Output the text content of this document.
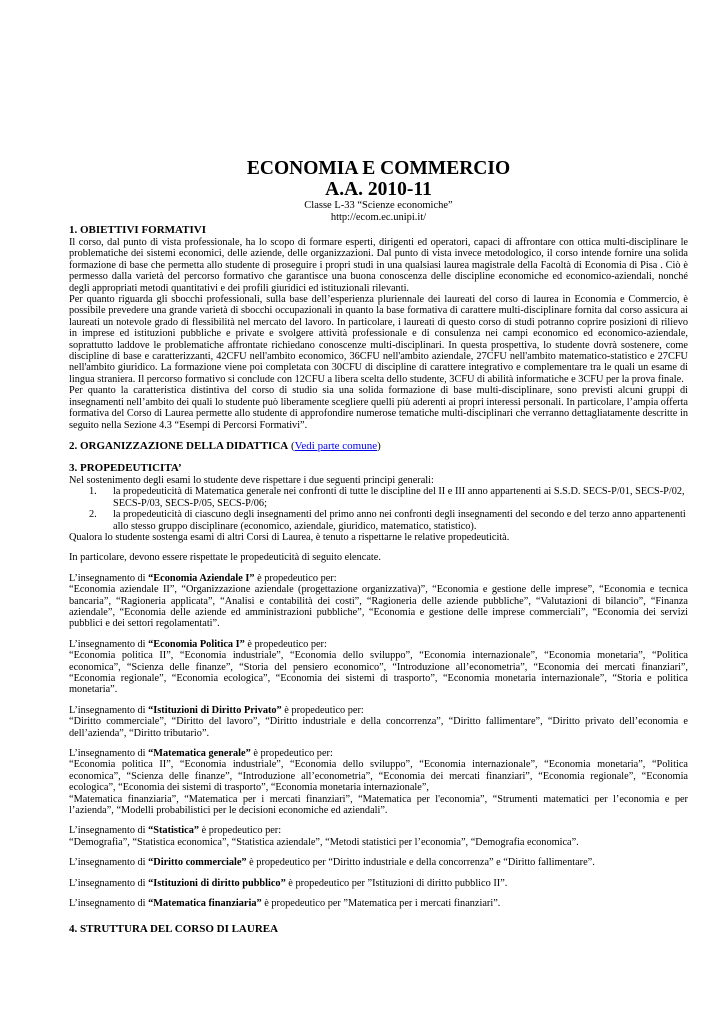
ECONOMIA E COMMERCIO
A.A. 2010-11
Classe L-33 “Scienze economiche”
http://ecom.ec.unipi.it/
1. OBIETTIVI FORMATIVI

Il corso, dal punto di vista professionale, ha lo scopo di formare esperti, dirigenti ed operatori, capaci di affrontare con ottica multi-disciplinare le problematiche dei sistemi economici, delle aziende, delle organizzazioni. Dal punto di vista invece metodologico, il corso intende fornire una solida formazione di base che permetta allo studente di proseguire i propri studi in una qualsiasi laurea magistrale della Facoltà di Economia di Pisa . Ciò è permesso dalla varietà del percorso formativo che garantisce una buona conoscenza delle discipline economiche ed economico-aziendali, nonché degli appropriati metodi quantitativi e dei profili giuridici ed istituzionali rilevanti.

Per quanto riguarda gli sbocchi professionali, sulla base dell’esperienza pluriennale dei laureati del corso di laurea in Economia e Commercio, è possibile prevedere una grande varietà di sbocchi occupazionali in quanto la base formativa di carattere multi-disciplinare fornita dal corso assicura ai laureati un notevole grado di flessibilità nel mercato del lavoro. In particolare, i laureati di questo corso di studi potranno coprire posizioni di rilievo in imprese ed istituzioni pubbliche e private e svolgere attività professionale e di consulenza nei campi economico ed economico-aziendale, soprattutto laddove le problematiche affrontate richiedano conoscenze multi-disciplinari. In questa prospettiva, lo studente dovrà sostenere, come discipline di base e caratterizzanti, 42CFU nell'ambito economico, 36CFU nell'ambito aziendale, 27CFU nell'ambito matematico-statistico e 27CFU nell'ambito giuridico. La formazione viene poi completata con 30CFU di discipline di carattere integrativo e complementare tra le quali un esame di lingua straniera. Il percorso formativo si conclude con 12CFU a libera scelta dello studente, 3CFU di abilità informatiche e 3CFU per la prova finale.

Per quanto la caratteristica distintiva del corso di studio sia una solida formazione di base multi-disciplinare, sono previsti alcuni gruppi di insegnamenti nell’ambito dei quali lo studente può liberamente scegliere quelli più aderenti ai propri interessi personali. In particolare, l’ampia offerta formativa del Corso di Laurea permette allo studente di approfondire numerose tematiche multi-disciplinari che verranno dettagliatamente descritte in seguito nella Sezione 4.3 “Esempi di Percorsi Formativi”.

2. ORGANIZZAZIONE DELLA DIDATTICA (Vedi parte comune)
3. PROPEDEUTICITA’

Nel sostenimento degli esami lo studente deve rispettare i due seguenti principi generali:

1. la propedeuticità di Matematica generale nei confronti di tutte le discipline del II e III anno appartenenti ai S.S.D. SECS-P/01, SECS-P/02, SECS-P/03, SECS-P/05, SECS-P/06;
2. la propedeuticità di ciascuno degli insegnamenti del primo anno nei confronti degli insegnamenti del secondo e del terzo anno appartenenti allo stesso gruppo disciplinare (economico, aziendale, giuridico, matematico, statistico).

Qualora lo studente sostenga esami di altri Corsi di Laurea, è tenuto a rispettarne le relative propedeuticità.

In particolare, devono essere rispettate le propedeuticità di seguito elencate.

L’insegnamento di “Economia Aziendale I” è propedeutico per:

“Economia aziendale II”, “Organizzazione aziendale (progettazione organizzativa)”, “Economia e gestione delle imprese”, “Economia e tecnica bancaria”, “Ragioneria applicata”, “Analisi e contabilità dei costi”, “Ragioneria delle aziende pubbliche”, “Valutazioni di bilancio”, “Finanza aziendale”, “Economia delle aziende ed amministrazioni pubbliche”, “Economia e gestione delle imprese commerciali”, “Economia dei servizi pubblici e dei settori regolamentati”.

L’insegnamento di “Economia Politica I” è propedeutico per:

“Economia politica II”, “Economia industriale”, “Economia dello sviluppo”, “Economia internazionale”, “Economia monetaria”, “Politica economica”, “Scienza delle finanze”, “Storia del pensiero economico”, “Introduzione all’econometria”, “Economia dei mercati finanziari”, “Economia regionale”, “Economia ecologica”, “Economia dei sistemi di trasporto”, “Economia monetaria internazionale”, “Storia e politica monetaria”.

L’insegnamento di “Istituzioni di Diritto Privato” è propedeutico per:

“Diritto commerciale”, “Diritto del lavoro”, “Diritto industriale e della concorrenza”, “Diritto fallimentare”, “Diritto privato dell’economia e dell’azienda”, “Diritto tributario”.

L’insegnamento di “Matematica generale” è propedeutico per:

“Economia politica II”, “Economia industriale”, “Economia dello sviluppo”, “Economia internazionale”, “Economia monetaria”, “Politica economica”, “Scienza delle finanze”, “Introduzione all’econometria”, “Economia dei mercati finanziari”, “Economia regionale”, “Economia ecologica”, “Economia dei sistemi di trasporto”, “Economia monetaria internazionale”,

“Matematica finanziaria”, “Matematica per i mercati finanziari”, “Matematica per l'economia”, “Strumenti matematici per l’economia e per l’azienda”, “Modelli probabilistici per le decisioni economiche ed aziendali”.

L’insegnamento di “Statistica” è propedeutico per:

“Demografia”, “Statistica economica”, “Statistica aziendale”, “Metodi statistici per l’economia”, “Demografia economica”.

L’insegnamento di “Diritto commerciale” è propedeutico per “Diritto industriale e della concorrenza” e “Diritto fallimentare”.

L’insegnamento di “Istituzioni di diritto pubblico” è propedeutico per ”Istituzioni di diritto pubblico II”.

L’insegnamento di “Matematica finanziaria” è propedeutico per ”Matematica per i mercati finanziari”.

4. STRUTTURA DEL CORSO DI LAUREA
